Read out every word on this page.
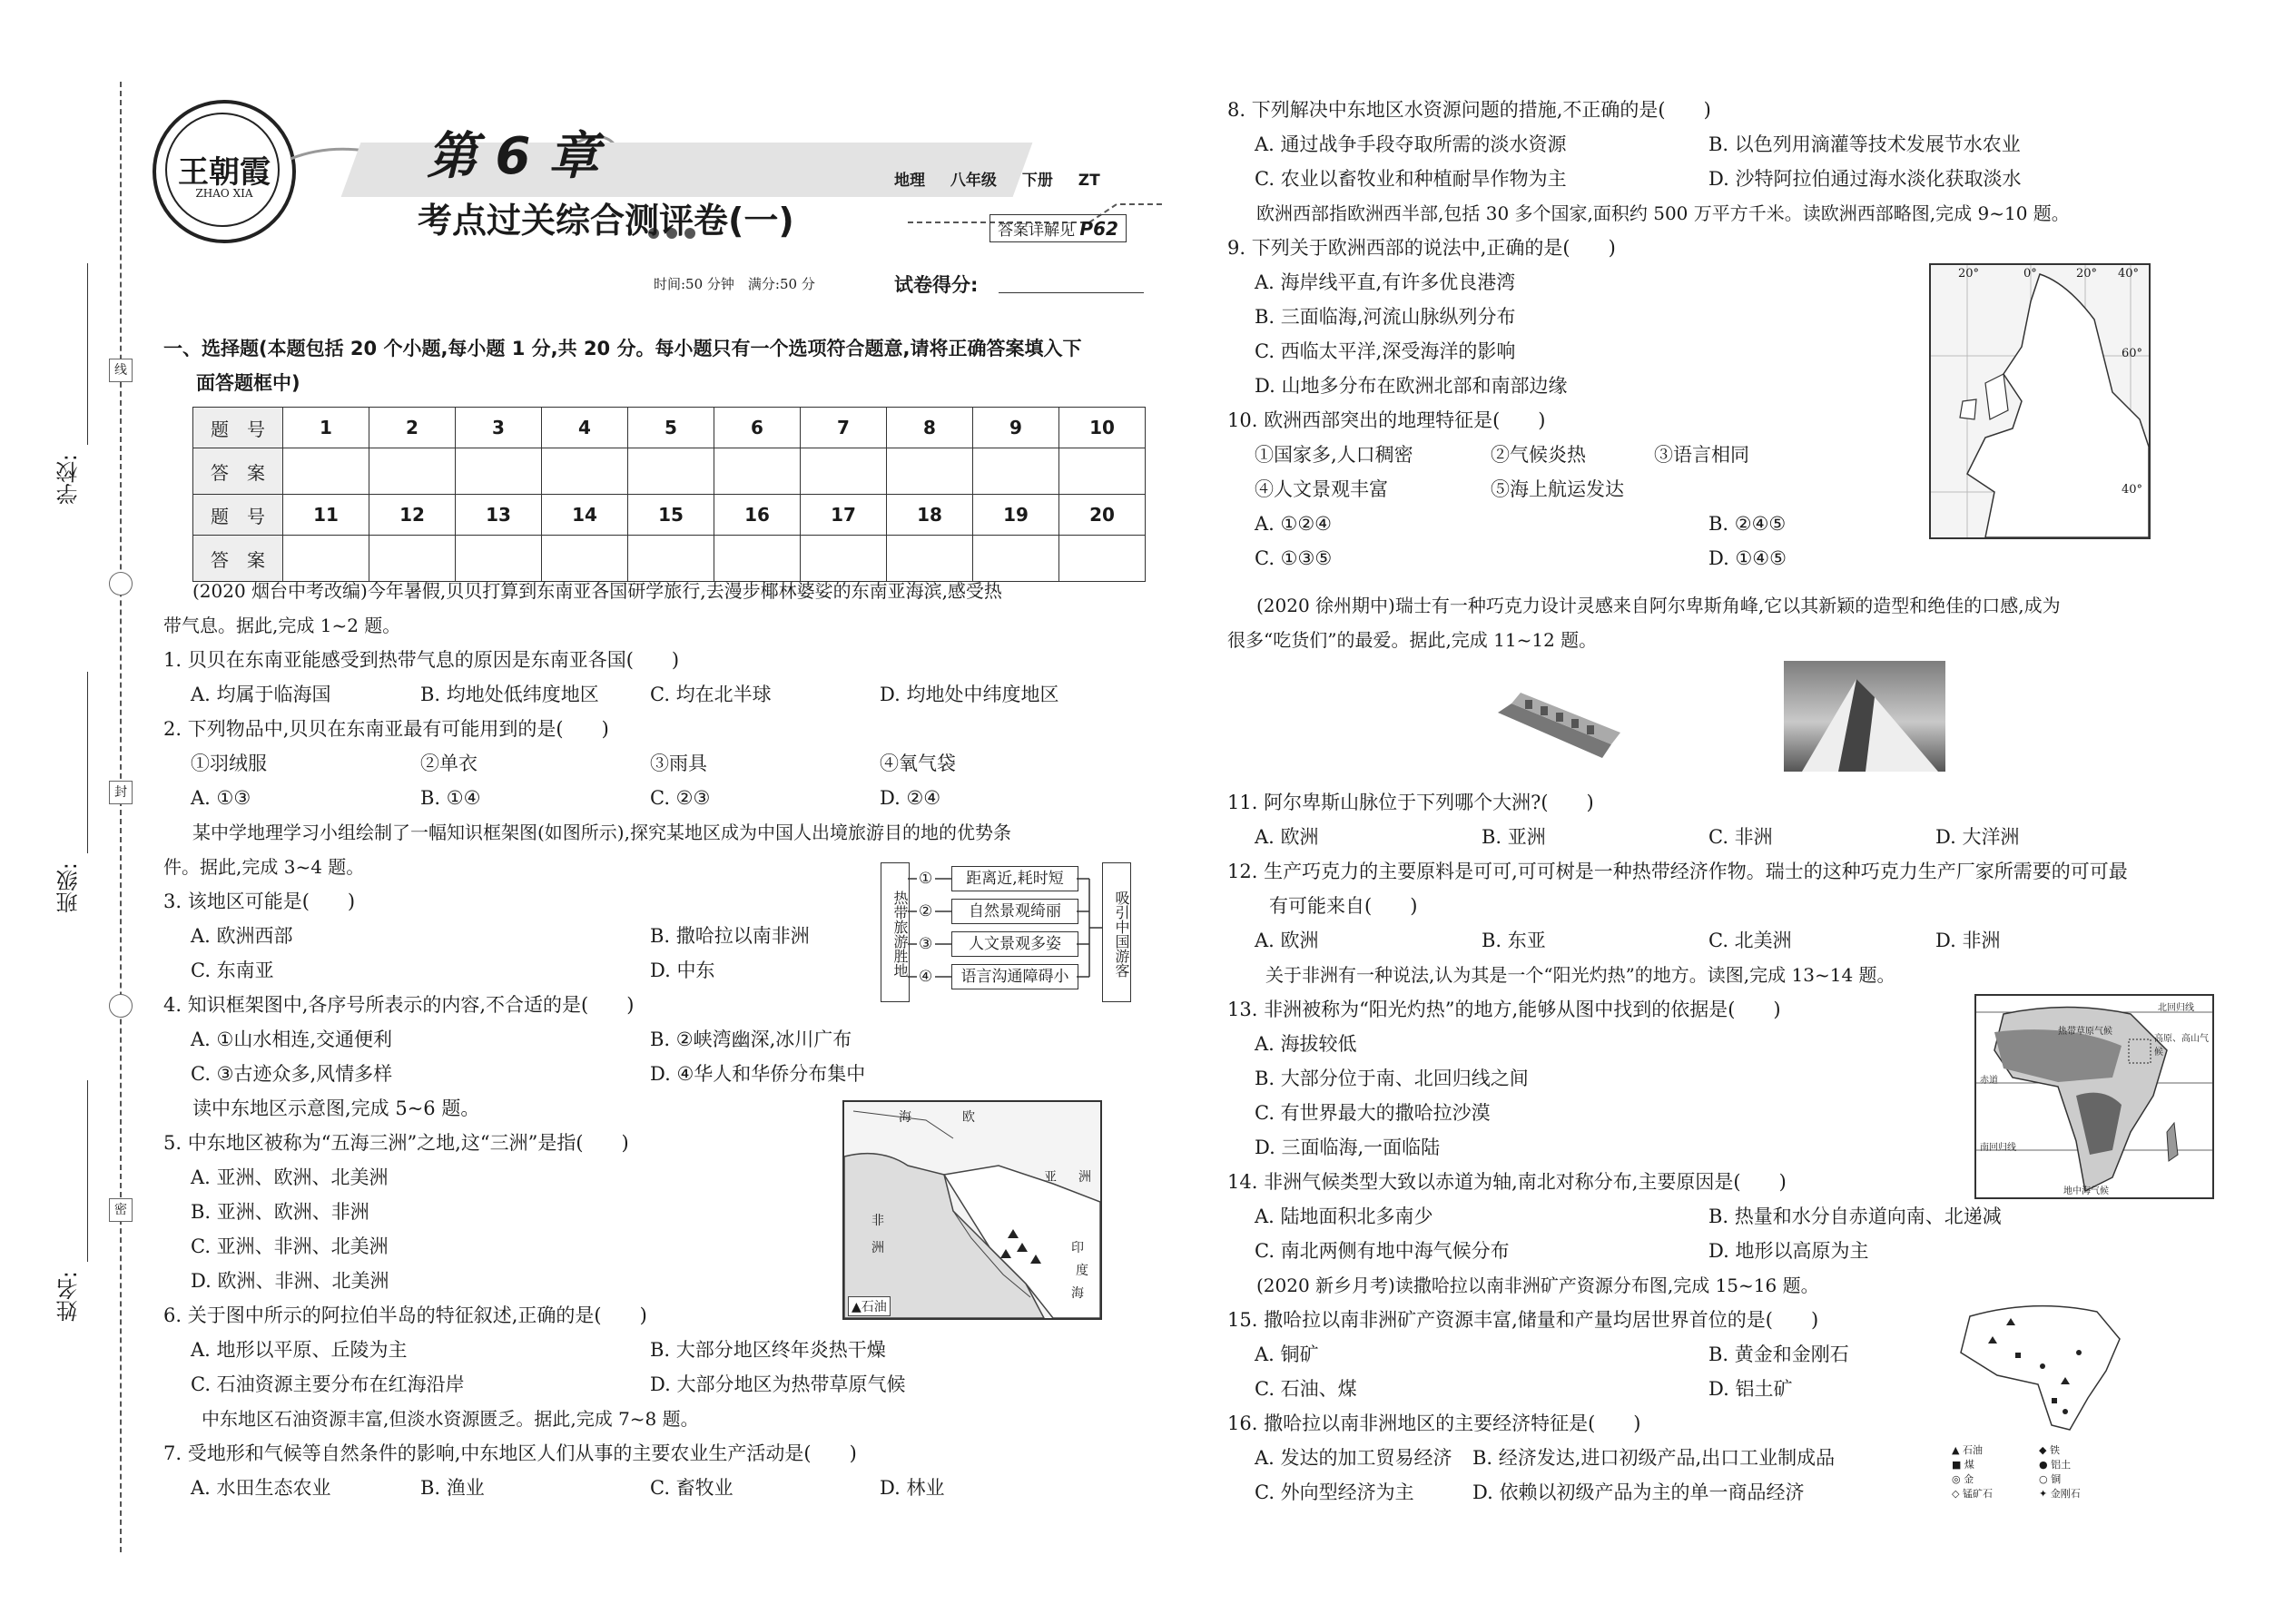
学校:
班级:
姓名:
线
封
密
王朝霞
ZHAO XIA
第 6 章
考点过关综合测评卷(一)
地理 八年级 下册 ZT
答案详解见 P62
时间:50 分钟　满分:50 分	试卷得分:
一、选择题(本题包括 20 个小题,每小题 1 分,共 20 分。每小题只有一个选项符合题意,请将正确答案填入下
面答题框中)
题　号	1	2	3	4	5	6	7	8	9	10
答　案										
题　号	11	12	13	14	15	16	17	18	19	20
答　案										
(2020 烟台中考改编)今年暑假,贝贝打算到东南亚各国研学旅行,去漫步椰林婆娑的东南亚海滨,感受热
带气息。据此,完成 1~2 题。
1. 贝贝在东南亚能感受到热带气息的原因是东南亚各国(　　)
A. 均属于临海国	B. 均地处低纬度地区	C. 均在北半球	D. 均地处中纬度地区
2. 下列物品中,贝贝在东南亚最有可能用到的是(　　)
①羽绒服	②单衣	③雨具	④氧气袋
A. ①③	B. ①④	C. ②③	D. ②④
某中学地理学习小组绘制了一幅知识框架图(如图所示),探究某地区成为中国人出境旅游目的地的优势条
件。据此,完成 3~4 题。
3. 该地区可能是(　　)
A. 欧洲西部	B. 撒哈拉以南非洲
C. 东南亚	D. 中东
4. 知识框架图中,各序号所表示的内容,不合适的是(　　)
A. ①山水相连,交通便利	B. ②峡湾幽深,冰川广布
C. ③古迹众多,风情多样	D. ④华人和华侨分布集中
热带旅游胜地	吸引中国游客
①
②
③
④
距离近,耗时短
自然景观绮丽
人文景观多姿
语言沟通障碍小
读中东地区示意图,完成 5~6 题。
5. 中东地区被称为“五海三洲”之地,这“三洲”是指(　　)
A. 亚洲、欧洲、北美洲
B. 亚洲、欧洲、非洲
C. 亚洲、非洲、北美洲
D. 欧洲、非洲、北美洲
海	欧
亚 洲
非
洲	印
度
海
▲石油
6. 关于图中所示的阿拉伯半岛的特征叙述,正确的是(　　)
A. 地形以平原、丘陵为主	B. 大部分地区终年炎热干燥
C. 石油资源主要分布在红海沿岸	D. 大部分地区为热带草原气候
中东地区石油资源丰富,但淡水资源匮乏。据此,完成 7~8 题。
7. 受地形和气候等自然条件的影响,中东地区人们从事的主要农业生产活动是(　　)
A. 水田生态农业	B. 渔业	C. 畜牧业	D. 林业
8. 下列解决中东地区水资源问题的措施,不正确的是(　　)
A. 通过战争手段夺取所需的淡水资源	B. 以色列用滴灌等技术发展节水农业
C. 农业以畜牧业和种植耐旱作物为主	D. 沙特阿拉伯通过海水淡化获取淡水
欧洲西部指欧洲西半部,包括 30 多个国家,面积约 500 万平方千米。读欧洲西部略图,完成 9~10 题。
9. 下列关于欧洲西部的说法中,正确的是(　　)
A. 海岸线平直,有许多优良港湾
B. 三面临海,河流山脉纵列分布
C. 西临太平洋,深受海洋的影响
D. 山地多分布在欧洲北部和南部边缘
10. 欧洲西部突出的地理特征是(　　)
①国家多,人口稠密	②气候炎热	③语言相同
④人文景观丰富	⑤海上航运发达
A. ①②④	B. ②④⑤
C. ①③⑤	D. ①④⑤
20°	0°	20° 40°
60°
40°
(2020 徐州期中)瑞士有一种巧克力设计灵感来自阿尔卑斯角峰,它以其新颖的造型和绝佳的口感,成为
很多“吃货们”的最爱。据此,完成 11~12 题。
11. 阿尔卑斯山脉位于下列哪个大洲?(　　)
A. 欧洲	B. 亚洲	C. 非洲	D. 大洋洲
12. 生产巧克力的主要原料是可可,可可树是一种热带经济作物。瑞士的这种巧克力生产厂家所需要的可可最
有可能来自(　　)
A. 欧洲	B. 东亚	C. 北美洲	D. 非洲
关于非洲有一种说法,认为其是一个“阳光灼热”的地方。读图,完成 13~14 题。
13. 非洲被称为“阳光灼热”的地方,能够从图中找到的依据是(　　)
A. 海拔较低
B. 大部分位于南、北回归线之间
C. 有世界最大的撒哈拉沙漠
D. 三面临海,一面临陆
北回归线
热带草原气候
高原、高山气候
赤道
南回归线
地中海气候
14. 非洲气候类型大致以赤道为轴,南北对称分布,主要原因是(　　)
A. 陆地面积北多南少	B. 热量和水分自赤道向南、北递减
C. 南北两侧有地中海气候分布	D. 地形以高原为主
(2020 新乡月考)读撒哈拉以南非洲矿产资源分布图,完成 15~16 题。
15. 撒哈拉以南非洲矿产资源丰富,储量和产量均居世界首位的是(　　)
A. 铜矿	B. 黄金和金刚石
C. 石油、煤	D. 铝土矿
16. 撒哈拉以南非洲地区的主要经济特征是(　　)
A. 发达的加工贸易经济 B. 经济发达,进口初级产品,出口工业制成品
C. 外向型经济为主	D. 依赖以初级产品为主的单一商品经济
▲ 石油	◆ 铁 ■ 煤	● 铝土 ◎ 金	○ 铜 ◇ 锰矿石	✦ 金刚石
